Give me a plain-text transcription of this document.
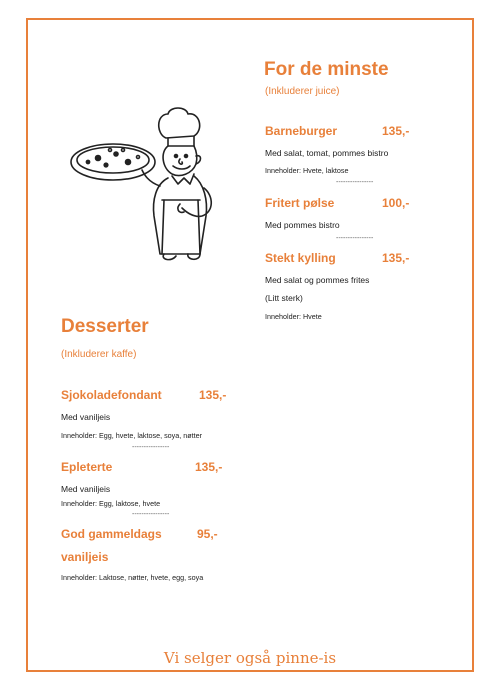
For de minste
(Inkluderer juice)
Barneburger	135,-
Med salat, tomat, pommes bistro
Inneholder: Hvete, laktose
----------------
Fritert pølse	100,-
Med pommes bistro
----------------
Stekt kylling	135,-
Med salat og pommes frites
(Litt sterk)
Inneholder: Hvete
Desserter
(Inkluderer kaffe)
Sjokoladefondant	135,-
Med vaniljeis
Inneholder: Egg, hvete, laktose, soya, nøtter
----------------
Epleterte	135,-
Med vaniljeis
Inneholder: Egg, laktose, hvete
----------------
God gammeldags	95,-
vaniljeis
Inneholder: Laktose, nøtter, hvete, egg, soya
Vi selger også pinne-is
